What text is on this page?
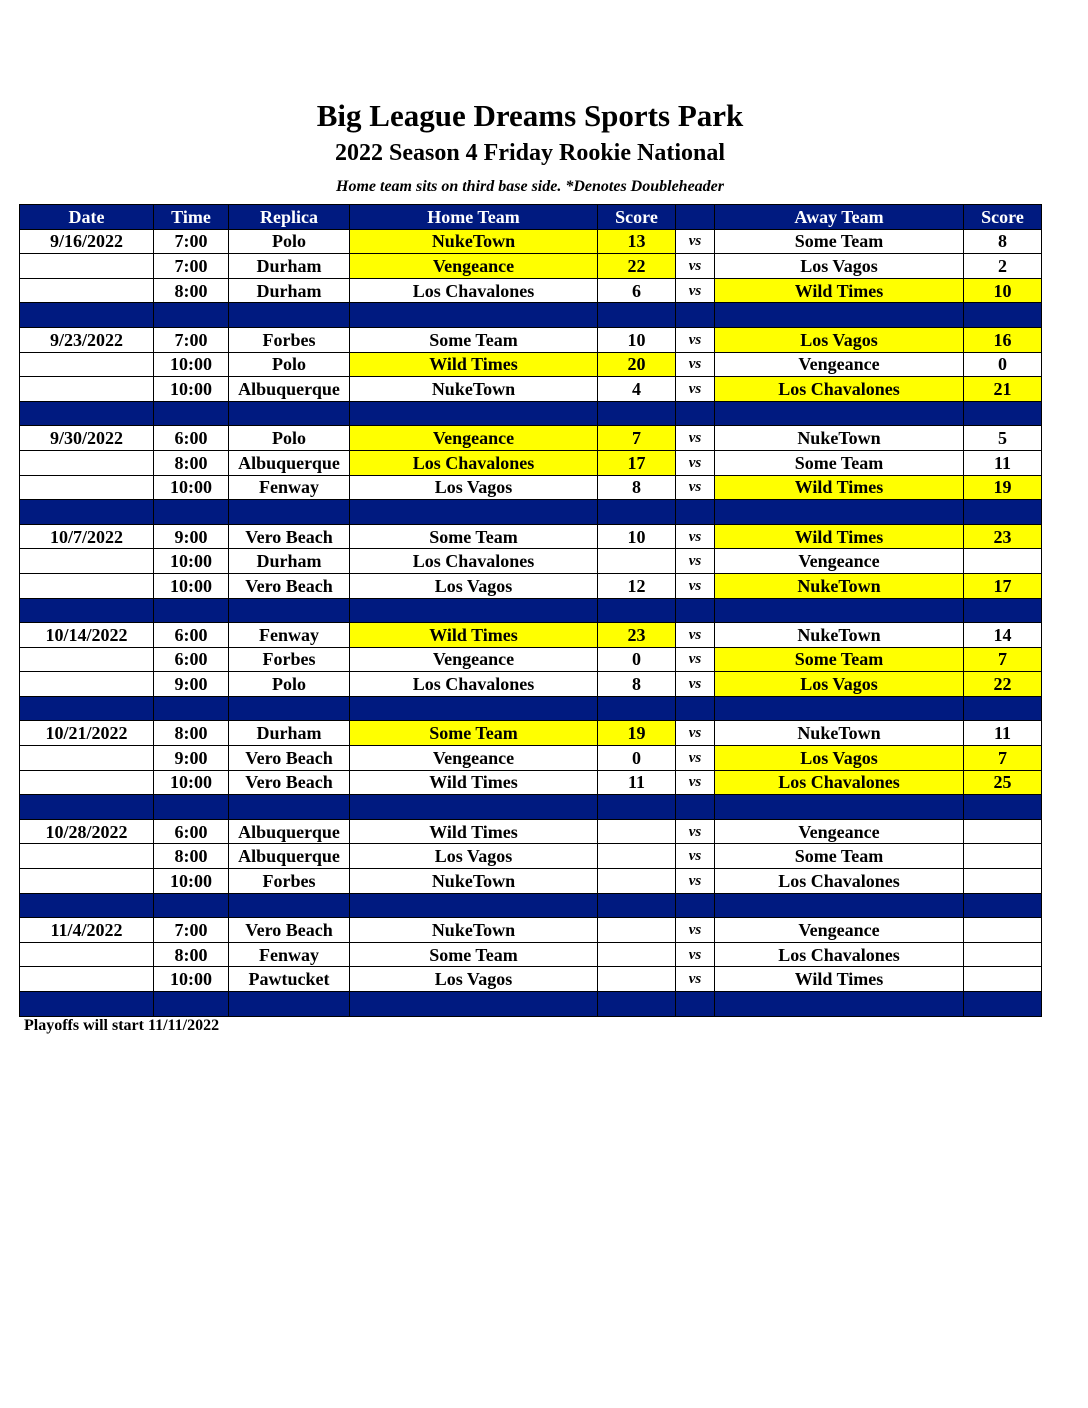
Big League Dreams Sports Park
2022 Season 4 Friday Rookie National
Home team sits on third base side. *Denotes Doubleheader
Date	Time	Replica	Home Team	Score		Away Team	Score
9/16/2022	7:00	Polo	NukeTown	13	vs	Some Team	8
	7:00	Durham	Vengeance	22	vs	Los Vagos	2
	8:00	Durham	Los Chavalones	6	vs	Wild Times	10

9/23/2022	7:00	Forbes	Some Team	10	vs	Los Vagos	16
	10:00	Polo	Wild Times	20	vs	Vengeance	0
	10:00	Albuquerque	NukeTown	4	vs	Los Chavalones	21

9/30/2022	6:00	Polo	Vengeance	7	vs	NukeTown	5
	8:00	Albuquerque	Los Chavalones	17	vs	Some Team	11
	10:00	Fenway	Los Vagos	8	vs	Wild Times	19

10/7/2022	9:00	Vero Beach	Some Team	10	vs	Wild Times	23
	10:00	Durham	Los Chavalones		vs	Vengeance	
	10:00	Vero Beach	Los Vagos	12	vs	NukeTown	17

10/14/2022	6:00	Fenway	Wild Times	23	vs	NukeTown	14
	6:00	Forbes	Vengeance	0	vs	Some Team	7
	9:00	Polo	Los Chavalones	8	vs	Los Vagos	22

10/21/2022	8:00	Durham	Some Team	19	vs	NukeTown	11
	9:00	Vero Beach	Vengeance	0	vs	Los Vagos	7
	10:00	Vero Beach	Wild Times	11	vs	Los Chavalones	25

10/28/2022	6:00	Albuquerque	Wild Times		vs	Vengeance	
	8:00	Albuquerque	Los Vagos		vs	Some Team	
	10:00	Forbes	NukeTown		vs	Los Chavalones	

11/4/2022	7:00	Vero Beach	NukeTown		vs	Vengeance	
	8:00	Fenway	Some Team		vs	Los Chavalones	
	10:00	Pawtucket	Los Vagos		vs	Wild Times	

Playoffs will start 11/11/2022
